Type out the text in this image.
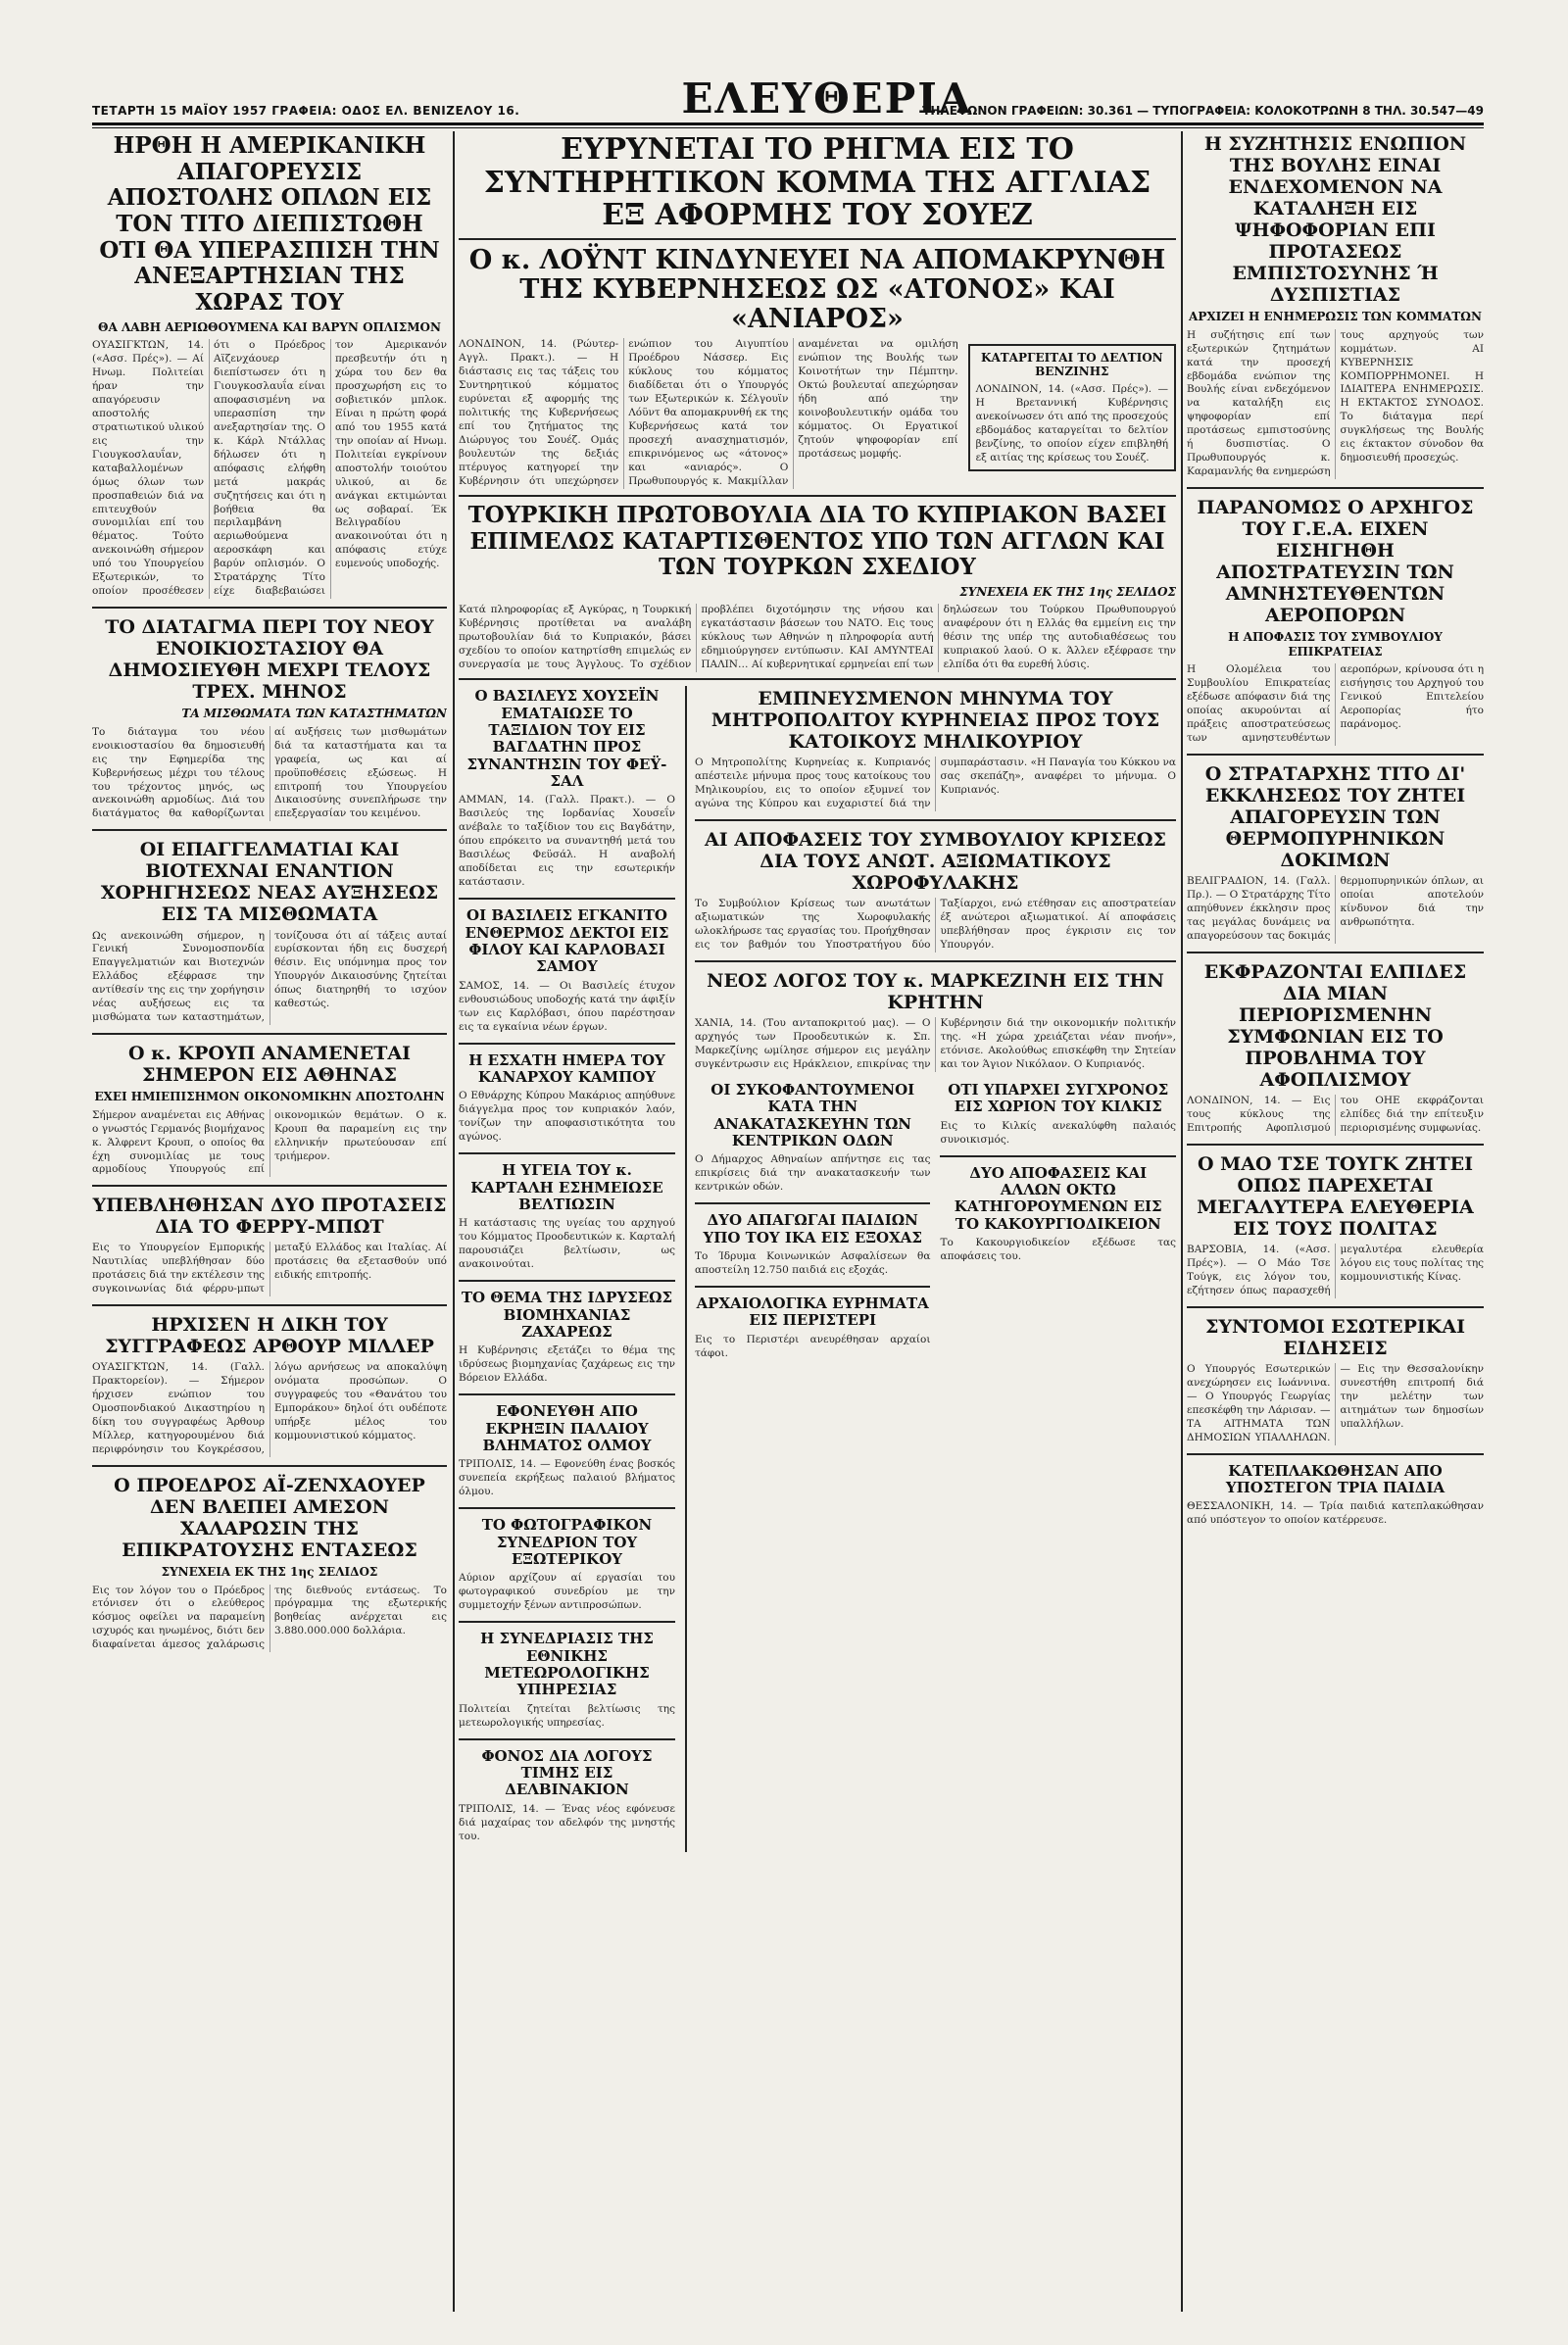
ΤΕΤΑΡΤΗ 15 ΜΑΪΟΥ 1957 ΓΡΑΦΕΙΑ: ΟΔΟΣ ΕΛ. ΒΕΝΙΖΕΛΟΥ 16.	ΕΛΕΥΘΕΡΙΑ
ΤΗΛΕΦΩΝΟΝ ΓΡΑΦΕΙΩΝ: 30.361 — ΤΥΠΟΓΡΑΦΕΙΑ: ΚΟΛΟΚΟΤΡΩΝΗ 8 ΤΗΛ. 30.547—49
ΗΡΘΗ Η ΑΜΕΡΙΚΑΝΙΚΗ ΑΠΑΓΟΡΕΥΣΙΣ ΑΠΟΣΤΟΛΗΣ ΟΠΛΩΝ ΕΙΣ ΤΟΝ ΤΙΤΟ ΔΙΕΠΙΣΤΩΘΗ ΟΤΙ ΘΑ ΥΠΕΡΑΣΠΙΣΗ ΤΗΝ ΑΝΕΞΑΡΤΗΣΙΑΝ ΤΗΣ ΧΩΡΑΣ ΤΟΥ
ΘΑ ΛΑΒΗ ΑΕΡΙΩΘΟΥΜΕΝΑ ΚΑΙ ΒΑΡΥΝ ΟΠΛΙΣΜΟΝ
ΟΥΑΣΙΓΚΤΩΝ, 14. («Ασσ. Πρές»). — Αί Ηνωμ. Πολιτείαι ήραν την απαγόρευσιν αποστολής στρατιωτικού υλικού εις την Γιουγκοσλαυΐαν, καταβαλλομένων όμως όλων των προσπαθειών διά να επιτευχθούν συνομιλίαι επί του θέματος. Τούτο ανεκοινώθη σήμερον υπό του Υπουργείου Εξωτερικών, το οποίον προσέθεσεν ότι ο Πρόεδρος Αϊζενχάουερ διεπίστωσεν ότι η Γιουγκοσλαυΐα είναι αποφασισμένη να υπερασπίση την ανεξαρτησίαν της. Ο κ. Κάρλ Ντάλλας δήλωσεν ότι η απόφασις ελήφθη μετά μακράς συζητήσεις και ότι η βοήθεια θα περιλαμβάνη αεριωθούμενα αεροσκάφη και βαρύν οπλισμόν. Ο Στρατάρχης Τίτο είχε διαβεβαιώσει τον Αμερικανόν πρεσβευτήν ότι η χώρα του δεν θα προσχωρήση εις το σοβιετικόν μπλοκ. Είναι η πρώτη φορά από του 1955 κατά την οποίαν αί Ηνωμ. Πολιτείαι εγκρίνουν αποστολήν τοιούτου υλικού, αι δε ανάγκαι εκτιμώνται ως σοβαραί. Έκ Βελιγραδίου ανακοινούται ότι η απόφασις ετύχε ευμενούς υποδοχής.
ΤΟ ΔΙΑΤΑΓΜΑ ΠΕΡΙ ΤΟΥ ΝΕΟΥ ΕΝΟΙΚΙΟΣΤΑΣΙΟΥ ΘΑ ΔΗΜΟΣΙΕΥΘΗ ΜΕΧΡΙ ΤΕΛΟΥΣ ΤΡΕΧ. ΜΗΝΟΣ
ΤΑ ΜΙΣΘΩΜΑΤΑ ΤΩΝ ΚΑΤΑΣΤΗΜΑΤΩΝ
Το διάταγμα του νέου ενοικιοστασίου θα δημοσιευθή εις την Εφημερίδα της Κυβερνήσεως μέχρι του τέλους του τρέχοντος μηνός, ως ανεκοινώθη αρμοδίως. Διά του διατάγματος θα καθορίζωνται αί αυξήσεις των μισθωμάτων διά τα καταστήματα και τα γραφεία, ως και αί προϋποθέσεις εξώσεως. Η επιτροπή του Υπουργείου Δικαιοσύνης συνεπλήρωσε την επεξεργασίαν του κειμένου.
ΟΙ ΕΠΑΓΓΕΛΜΑΤΙΑΙ ΚΑΙ ΒΙΟΤΕΧΝΑΙ ΕΝΑΝΤΙΟΝ ΧΟΡΗΓΗΣΕΩΣ ΝΕΑΣ ΑΥΞΗΣΕΩΣ ΕΙΣ ΤΑ ΜΙΣΘΩΜΑΤΑ
Ως ανεκοινώθη σήμερον, η Γενική Συνομοσπονδία Επαγγελματιών και Βιοτεχνών Ελλάδος εξέφρασε την αντίθεσίν της εις την χορήγησιν νέας αυξήσεως εις τα μισθώματα των καταστημάτων, τονίζουσα ότι αί τάξεις αυταί ευρίσκονται ήδη εις δυσχερή θέσιν. Εις υπόμνημα προς τον Υπουργόν Δικαιοσύνης ζητείται όπως διατηρηθή το ισχύον καθεστώς.
Ο κ. ΚΡΟΥΠ ΑΝΑΜΕΝΕΤΑΙ ΣΗΜΕΡΟΝ ΕΙΣ ΑΘΗΝΑΣ
ΕΧΕΙ ΗΜΙΕΠΙΣΗΜΟΝ ΟΙΚΟΝΟΜΙΚΗΝ ΑΠΟΣΤΟΛΗΝ
Σήμερον αναμένεται εις Αθήνας ο γνωστός Γερμανός βιομήχανος κ. Άλφρεντ Κρουπ, ο οποίος θα έχη συνομιλίας με τους αρμοδίους Υπουργούς επί οικονομικών θεμάτων. Ο κ. Κρουπ θα παραμείνη εις την ελληνικήν πρωτεύουσαν επί τριήμερον.
ΥΠΕΒΛΗΘΗΣΑΝ ΔΥΟ ΠΡΟΤΑΣΕΙΣ ΔΙΑ ΤΟ ΦΕΡΡΥ-ΜΠΩΤ
Εις το Υπουργείον Εμπορικής Ναυτιλίας υπεβλήθησαν δύο προτάσεις διά την εκτέλεσιν της συγκοινωνίας διά φέρρυ-μπωτ μεταξύ Ελλάδος και Ιταλίας. Αί προτάσεις θα εξετασθούν υπό ειδικής επιτροπής.
ΗΡΧΙΣΕΝ Η ΔΙΚΗ ΤΟΥ ΣΥΓΓΡΑΦΕΩΣ ΑΡΘΟΥΡ ΜΙΛΛΕΡ
ΟΥΑΣΙΓΚΤΩΝ, 14. (Γαλλ. Πρακτορείον). — Σήμερον ήρχισεν ενώπιον του Ομοσπονδιακού Δικαστηρίου η δίκη του συγγραφέως Άρθουρ Μίλλερ, κατηγορουμένου διά περιφρόνησιν του Κογκρέσσου, λόγω αρνήσεως να αποκαλύψη ονόματα προσώπων. Ο συγγραφεύς του «Θανάτου του Εμποράκου» δηλοί ότι ουδέποτε υπήρξε μέλος του κομμουνιστικού κόμματος.
Ο ΠΡΟΕΔΡΟΣ ΑΪ-ΖΕΝΧΑΟΥΕΡ ΔΕΝ ΒΛΕΠΕΙ ΑΜΕΣΟΝ ΧΑΛΑΡΩΣΙΝ ΤΗΣ ΕΠΙΚΡΑΤΟΥΣΗΣ ΕΝΤΑΣΕΩΣ
ΣΥΝΕΧΕΙΑ ΕΚ ΤΗΣ 1ης ΣΕΛΙΔΟΣ
Εις τον λόγον του ο Πρόεδρος ετόνισεν ότι ο ελεύθερος κόσμος οφείλει να παραμείνη ισχυρός και ηνωμένος, διότι δεν διαφαίνεται άμεσος χαλάρωσις της διεθνούς εντάσεως. Το πρόγραμμα της εξωτερικής βοηθείας ανέρχεται εις 3.880.000.000 δολλάρια.
ΕΥΡΥΝΕΤΑΙ ΤΟ ΡΗΓΜΑ ΕΙΣ ΤΟ ΣΥΝΤΗΡΗΤΙΚΟΝ ΚΟΜΜΑ ΤΗΣ ΑΓΓΛΙΑΣ ΕΞ ΑΦΟΡΜΗΣ ΤΟΥ ΣΟΥΕΖ
Ο κ. ΛΟΫΝΤ ΚΙΝΔΥΝΕΥΕΙ ΝΑ ΑΠΟΜΑΚΡΥΝΘΗ ΤΗΣ ΚΥΒΕΡΝΗΣΕΩΣ ΩΣ «ΑΤΟΝΟΣ» ΚΑΙ «ΑΝΙΑΡΟΣ»
ΛΟΝΔΙΝΟΝ, 14. (Ρώυτερ-Αγγλ. Πρακτ.). — Η διάστασις εις τας τάξεις του Συντηρητικού κόμματος ευρύνεται εξ αφορμής της πολιτικής της Κυβερνήσεως επί του ζητήματος της Διώρυγος του Σουέζ. Ομάς βουλευτών της δεξιάς πτέρυγος κατηγορεί την Κυβέρνησιν ότι υπεχώρησεν ενώπιον του Αιγυπτίου Προέδρου Νάσσερ. Εις κύκλους του κόμματος διαδίδεται ότι ο Υπουργός των Εξωτερικών κ. Σέλγουϊν Λόϋντ θα απομακρυνθή εκ της Κυβερνήσεως κατά τον προσεχή ανασχηματισμόν, επικρινόμενος ως «άτονος» και «ανιαρός». Ο Πρωθυπουργός κ. Μακμίλλαν αναμένεται να ομιλήση ενώπιον της Βουλής των Κοινοτήτων την Πέμπτην. Οκτώ βουλευταί απεχώρησαν ήδη από την κοινοβουλευτικήν ομάδα του κόμματος. Οι Εργατικοί ζητούν ψηφοφορίαν επί προτάσεως μομφής.
ΚΑΤΑΡΓΕΙΤΑΙ ΤΟ ΔΕΛΤΙΟΝ ΒΕΝΖΙΝΗΣ
ΛΟΝΔΙΝΟΝ, 14. («Ασσ. Πρές»). — Η Βρεταννική Κυβέρνησις ανεκοίνωσεν ότι από της προσεχούς εβδομάδος καταργείται το δελτίον βενζίνης, το οποίον είχεν επιβληθή εξ αιτίας της κρίσεως του Σουέζ.
ΤΟΥΡΚΙΚΗ ΠΡΩΤΟΒΟΥΛΙΑ ΔΙΑ ΤΟ ΚΥΠΡΙΑΚΟΝ ΒΑΣΕΙ ΕΠΙΜΕΛΩΣ ΚΑΤΑΡΤΙΣΘΕΝΤΟΣ ΥΠΟ ΤΩΝ ΑΓΓΛΩΝ ΚΑΙ ΤΩΝ ΤΟΥΡΚΩΝ ΣΧΕΔΙΟΥ
ΣΥΝΕΧΕΙΑ ΕΚ ΤΗΣ 1ης ΣΕΛΙΔΟΣ
Κατά πληροφορίας εξ Αγκύρας, η Τουρκική Κυβέρνησις προτίθεται να αναλάβη πρωτοβουλίαν διά το Κυπριακόν, βάσει σχεδίου το οποίον κατηρτίσθη επιμελώς εν συνεργασία με τους Άγγλους. Το σχέδιον προβλέπει διχοτόμησιν της νήσου και εγκατάστασιν βάσεων του ΝΑΤΟ. Εις τους κύκλους των Αθηνών η πληροφορία αυτή εδημιούργησεν εντύπωσιν. ΚΑΙ ΑΜΥΝΤΕΑΙ ΠΑΛΙΝ… Αί κυβερνητικαί ερμηνείαι επί των δηλώσεων του Τούρκου Πρωθυπουργού αναφέρουν ότι η Ελλάς θα εμμείνη εις την θέσιν της υπέρ της αυτοδιαθέσεως του κυπριακού λαού. Ο κ. Άλλεν εξέφρασε την ελπίδα ότι θα ευρεθή λύσις.
Ο ΒΑΣΙΛΕΥΣ ΧΟΥΣΕΪΝ ΕΜΑΤΑΙΩΣΕ ΤΟ ΤΑΞΙΔΙΟΝ ΤΟΥ ΕΙΣ ΒΑΓΔΑΤΗΝ ΠΡΟΣ ΣΥΝΑΝΤΗΣΙΝ ΤΟΥ ΦΕΫ-ΣΑΛ
ΑΜΜΑΝ, 14. (Γαλλ. Πρακτ.). — Ο Βασιλεύς της Ιορδανίας Χουσεΐν ανέβαλε το ταξίδιον του εις Βαγδάτην, όπου επρόκειτο να συναντηθή μετά του Βασιλέως Φεϋσάλ. Η αναβολή αποδίδεται εις την εσωτερικήν κατάστασιν.
ΟΙ ΒΑΣΙΛΕΙΣ ΕΓΚΑΝΙΤΟ ΕΝΘΕΡΜΟΣ ΔΕΚΤΟΙ ΕΙΣ ΦΙΛΟΥ ΚΑΙ ΚΑΡΛΟΒΑΣΙ ΣΑΜΟΥ
ΣΑΜΟΣ, 14. — Οι Βασιλείς έτυχον ενθουσιώδους υποδοχής κατά την άφιξίν των εις Καρλόβασι, όπου παρέστησαν εις τα εγκαίνια νέων έργων.
Η ΕΣΧΑΤΗ ΗΜΕΡΑ ΤΟΥ ΚΑΝΑΡΧΟΥ ΚΑΜΠΟΥ
Ο Εθνάρχης Κύπρου Μακάριος απηύθυνε διάγγελμα προς τον κυπριακόν λαόν, τονίζων την αποφασιστικότητα του αγώνος.
Η ΥΓΕΙΑ ΤΟΥ κ. ΚΑΡΤΑΛΗ ΕΣΗΜΕΙΩΣΕ ΒΕΛΤΙΩΣΙΝ
Η κατάστασις της υγείας του αρχηγού του Κόμματος Προοδευτικών κ. Καρταλή παρουσιάζει βελτίωσιν, ως ανακοινούται.
ΤΟ ΘΕΜΑ ΤΗΣ ΙΔΡΥΣΕΩΣ ΒΙΟΜΗΧΑΝΙΑΣ ΖΑΧΑΡΕΩΣ
Η Κυβέρνησις εξετάζει το θέμα της ιδρύσεως βιομηχανίας ζαχάρεως εις την Βόρειον Ελλάδα.
ΕΦΟΝΕΥΘΗ ΑΠΟ ΕΚΡΗΞΙΝ ΠΑΛΑΙΟΥ ΒΛΗΜΑΤΟΣ ΟΛΜΟΥ
ΤΡΙΠΟΛΙΣ, 14. — Εφονεύθη ένας βοσκός συνεπεία εκρήξεως παλαιού βλήματος όλμου.
ΤΟ ΦΩΤΟΓΡΑΦΙΚΟΝ ΣΥΝΕΔΡΙΟΝ ΤΟΥ ΕΞΩΤΕΡΙΚΟΥ
Αύριον αρχίζουν αί εργασίαι του φωτογραφικού συνεδρίου με την συμμετοχήν ξένων αντιπροσώπων.
Η ΣΥΝΕΔΡΙΑΣΙΣ ΤΗΣ ΕΘΝΙΚΗΣ ΜΕΤΕΩΡΟΛΟΓΙΚΗΣ ΥΠΗΡΕΣΙΑΣ
Πολιτείαι ζητείται βελτίωσις της μετεωρολογικής υπηρεσίας.
ΦΟΝΟΣ ΔΙΑ ΛΟΓΟΥΣ ΤΙΜΗΣ ΕΙΣ ΔΕΛΒΙΝΑΚΙΟΝ
ΤΡΙΠΟΛΙΣ, 14. — Ένας νέος εφόνευσε διά μαχαίρας τον αδελφόν της μνηστής του.
ΕΜΠΝΕΥΣΜΕΝΟΝ ΜΗΝΥΜΑ ΤΟΥ ΜΗΤΡΟΠΟΛΙΤΟΥ ΚΥΡΗΝΕΙΑΣ ΠΡΟΣ ΤΟΥΣ ΚΑΤΟΙΚΟΥΣ ΜΗΛΙΚΟΥΡΙΟΥ
Ο Μητροπολίτης Κυρηνείας κ. Κυπριανός απέστειλε μήνυμα προς τους κατοίκους του Μηλικουρίου, εις το οποίον εξυμνεί τον αγώνα της Κύπρου και ευχαριστεί διά την συμπαράστασιν. «Η Παναγία του Κύκκου να σας σκεπάζη», αναφέρει το μήνυμα. Ο Κυπριανός.
ΑΙ ΑΠΟΦΑΣΕΙΣ ΤΟΥ ΣΥΜΒΟΥΛΙΟΥ ΚΡΙΣΕΩΣ ΔΙΑ ΤΟΥΣ ΑΝΩΤ. ΑΞΙΩΜΑΤΙΚΟΥΣ ΧΩΡΟΦΥΛΑΚΗΣ
Το Συμβούλιον Κρίσεως των ανωτάτων αξιωματικών της Χωροφυλακής ωλοκλήρωσε τας εργασίας του. Προήχθησαν εις τον βαθμόν του Υποστρατήγου δύο Ταξίαρχοι, ενώ ετέθησαν εις αποστρατείαν έξ ανώτεροι αξιωματικοί. Αί αποφάσεις υπεβλήθησαν προς έγκρισιν εις τον Υπουργόν.
ΝΕΟΣ ΛΟΓΟΣ ΤΟΥ κ. ΜΑΡΚΕΖΙΝΗ ΕΙΣ ΤΗΝ ΚΡΗΤΗΝ
ΧΑΝΙΑ, 14. (Του ανταποκριτού μας). — Ο αρχηγός των Προοδευτικών κ. Σπ. Μαρκεζίνης ωμίλησε σήμερον εις μεγάλην συγκέντρωσιν εις Ηράκλειον, επικρίνας την Κυβέρνησιν διά την οικονομικήν πολιτικήν της. «Η χώρα χρειάζεται νέαν πνοήν», ετόνισε. Ακολούθως επισκέφθη την Σητείαν και τον Άγιον Νικόλαον. Ο Κυπριανός.
ΟΙ ΣΥΚΟΦΑΝΤΟΥΜΕΝΟΙ ΚΑΤΑ ΤΗΝ ΑΝΑΚΑΤΑΣΚΕΥΗΝ ΤΩΝ ΚΕΝΤΡΙΚΩΝ ΟΔΩΝ
Ο Δήμαρχος Αθηναίων απήντησε εις τας επικρίσεις διά την ανακατασκευήν των κεντρικών οδών.
ΔΥΟ ΑΠΑΓΩΓΑΙ ΠΑΙΔΙΩΝ ΥΠΟ ΤΟΥ ΙΚΑ ΕΙΣ ΕΞΟΧΑΣ
Το Ίδρυμα Κοινωνικών Ασφαλίσεων θα αποστείλη 12.750 παιδιά εις εξοχάς.
ΑΡΧΑΙΟΛΟΓΙΚΑ ΕΥΡΗΜΑΤΑ ΕΙΣ ΠΕΡΙΣΤΕΡΙ
Εις το Περιστέρι ανευρέθησαν αρχαίοι τάφοι.
ΟΤΙ ΥΠΑΡΧΕΙ ΣΥΓΧΡΟΝΟΣ ΕΙΣ ΧΩΡΙΟΝ ΤΟΥ ΚΙΛΚΙΣ
Εις το Κιλκίς ανεκαλύφθη παλαιός συνοικισμός.
ΔΥΟ ΑΠΟΦΑΣΕΙΣ ΚΑΙ ΑΛΛΩΝ ΟΚΤΩ ΚΑΤΗΓΟΡΟΥΜΕΝΩΝ ΕΙΣ ΤΟ ΚΑΚΟΥΡΓΙΟΔΙΚΕΙΟΝ
Το Κακουργιοδικείον εξέδωσε τας αποφάσεις του.
Η ΣΥΖΗΤΗΣΙΣ ΕΝΩΠΙΟΝ ΤΗΣ ΒΟΥΛΗΣ ΕΙΝΑΙ ΕΝΔΕΧΟΜΕΝΟΝ ΝΑ ΚΑΤΑΛΗΞΗ ΕΙΣ ΨΗΦΟΦΟΡΙΑΝ ΕΠΙ ΠΡΟΤΑΣΕΩΣ ΕΜΠΙΣΤΟΣΥΝΗΣ Ή ΔΥΣΠΙΣΤΙΑΣ
ΑΡΧΙΖΕΙ Η ΕΝΗΜΕΡΩΣΙΣ ΤΩΝ ΚΟΜΜΑΤΩΝ
Η συζήτησις επί των εξωτερικών ζητημάτων κατά την προσεχή εβδομάδα ενώπιον της Βουλής είναι ενδεχόμενον να καταλήξη εις ψηφοφορίαν επί προτάσεως εμπιστοσύνης ή δυσπιστίας. Ο Πρωθυπουργός κ. Καραμανλής θα ενημερώση τους αρχηγούς των κομμάτων. ΑΙ ΚΥΒΕΡΝΗΣΙΣ ΚΟΜΠΟΡΡΗΜΟΝΕΙ. Η ΙΔΙΑΙΤΕΡΑ ΕΝΗΜΕΡΩΣΙΣ. Η ΕΚΤΑΚΤΟΣ ΣΥΝΟΔΟΣ. Το διάταγμα περί συγκλήσεως της Βουλής εις έκτακτον σύνοδον θα δημοσιευθή προσεχώς.
ΠΑΡΑΝΟΜΩΣ Ο ΑΡΧΗΓΟΣ ΤΟΥ Γ.Ε.Α. ΕΙΧΕΝ ΕΙΣΗΓΗΘΗ ΑΠΟΣΤΡΑΤΕΥΣΙΝ ΤΩΝ ΑΜΝΗΣΤΕΥΘΕΝΤΩΝ ΑΕΡΟΠΟΡΩΝ
Η ΑΠΟΦΑΣΙΣ ΤΟΥ ΣΥΜΒΟΥΛΙΟΥ ΕΠΙΚΡΑΤΕΙΑΣ
Η Ολομέλεια του Συμβουλίου Επικρατείας εξέδωσε απόφασιν διά της οποίας ακυρούνται αί πράξεις αποστρατεύσεως των αμνηστευθέντων αεροπόρων, κρίνουσα ότι η εισήγησις του Αρχηγού του Γενικού Επιτελείου Αεροπορίας ήτο παράνομος.
Ο ΣΤΡΑΤΑΡΧΗΣ ΤΙΤΟ ΔΙ' ΕΚΚΛΗΣΕΩΣ ΤΟΥ ΖΗΤΕΙ ΑΠΑΓΟΡΕΥΣΙΝ ΤΩΝ ΘΕΡΜΟΠΥΡΗΝΙΚΩΝ ΔΟΚΙΜΩΝ
ΒΕΛΙΓΡΑΔΙΟΝ, 14. (Γαλλ. Πρ.). — Ο Στρατάρχης Τίτο απηύθυνεν έκκλησιν προς τας μεγάλας δυνάμεις να απαγορεύσουν τας δοκιμάς θερμοπυρηνικών όπλων, αι οποίαι αποτελούν κίνδυνον διά την ανθρωπότητα.
ΕΚΦΡΑΖΟΝΤΑΙ ΕΛΠΙΔΕΣ ΔΙΑ ΜΙΑΝ ΠΕΡΙΟΡΙΣΜΕΝΗΝ ΣΥΜΦΩΝΙΑΝ ΕΙΣ ΤΟ ΠΡΟΒΛΗΜΑ ΤΟΥ ΑΦΟΠΛΙΣΜΟΥ
ΛΟΝΔΙΝΟΝ, 14. — Εις τους κύκλους της Επιτροπής Αφοπλισμού του ΟΗΕ εκφράζονται ελπίδες διά την επίτευξιν περιορισμένης συμφωνίας.
Ο ΜΑΟ ΤΣΕ ΤΟΥΓΚ ΖΗΤΕΙ ΟΠΩΣ ΠΑΡΕΧΕΤΑΙ ΜΕΓΑΛΥΤΕΡΑ ΕΛΕΥΘΕΡΙΑ ΕΙΣ ΤΟΥΣ ΠΟΛΙΤΑΣ
ΒΑΡΣΟΒΙΑ, 14. («Ασσ. Πρές»). — Ο Μάο Τσε Τούγκ, εις λόγον του, εζήτησεν όπως παρασχεθή μεγαλυτέρα ελευθερία λόγου εις τους πολίτας της κομμουνιστικής Κίνας.
ΣΥΝΤΟΜΟΙ ΕΣΩΤΕΡΙΚΑΙ ΕΙΔΗΣΕΙΣ
Ο Υπουργός Εσωτερικών ανεχώρησεν εις Ιωάννινα. — Ο Υπουργός Γεωργίας επεσκέφθη την Λάρισαν. — ΤΑ ΑΙΤΗΜΑΤΑ ΤΩΝ ΔΗΜΟΣΙΩΝ ΥΠΑΛΛΗΛΩΝ. — Εις την Θεσσαλονίκην συνεστήθη επιτροπή διά την μελέτην των αιτημάτων των δημοσίων υπαλλήλων.
ΚΑΤΕΠΛΑΚΩΘΗΣΑΝ ΑΠΟ ΥΠΟΣΤΕΓΟΝ ΤΡΙΑ ΠΑΙΔΙΑ
ΘΕΣΣΑΛΟΝΙΚΗ, 14. — Τρία παιδιά κατεπλακώθησαν από υπόστεγον το οποίον κατέρρευσε.
